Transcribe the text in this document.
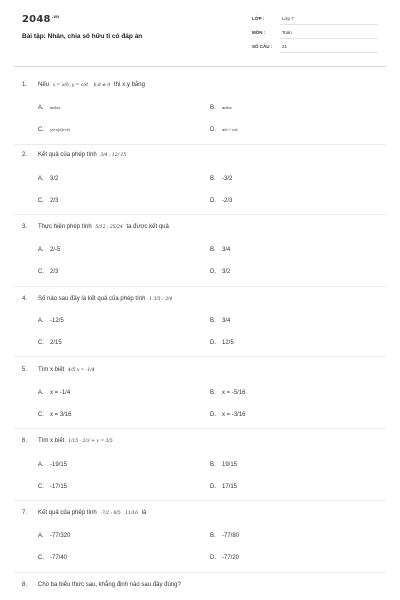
$2048^{.vn}$
Bài tập: Nhân, chia số hữu tỉ có đáp án
LỚP :	Lớp 7
MÔN :	Toán
SỐ CÂU : 21
1. Nếu x = a/b, y = c/d b,d ≠ 0 thì x.y bằng
A. ac/bd	B. ad/bc
C. (a+c)/(b+d)	D. a/b + c/d
2. Kết quả của phép tính 3/4 . 12/-15
A. 3/2	B. -3/2
C. 2/3	D. -2/3
3. Thực hiện phép tính 5/12 : 25/24 ta được kết quả
A. 2/-5	B. 3/4
C. 2/3	D. 3/2
4. Số nào sau đây là kết quả của phép tính 1 3/5 : 3/4
A. -12/5	B. 3/4
C. 2/15	D. 12/5
5. Tìm x biết 4/5 x = -1/4
A. x = -1/4	B. x = -5/16
C. x = 3/16	D. x = -3/16
6. Tìm x biết 1/15 - 2/3 + x = 3/5
A. -19/15	B. 19/15
C. -17/15	D. 17/15
7. Kết quả của phép tính -7/2 : 8/5 . 11/16 là
A. -77/320	B. -77/80
C. -77/40	D. -77/20
8. Cho ba biểu thức sau, khẳng định nào sau đây đúng?
